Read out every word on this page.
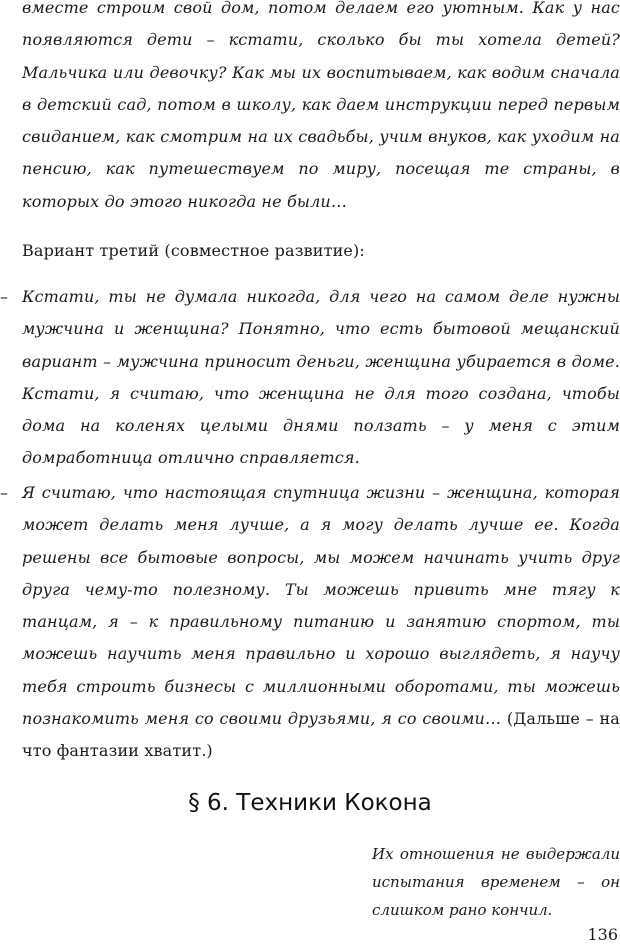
вместе строим свой дом, потом делаем его уютным. Как у нас появляются дети – кстати, сколько бы ты хотела детей? Мальчика или девочку? Как мы их воспитываем, как водим сначала в детский сад, потом в школу, как даем инструкции перед первым свиданием, как смотрим на их свадьбы, учим внуков, как уходим на пенсию, как путешествуем по миру, посещая те страны, в которых до этого никогда не были…

Вариант третий (совместное развитие):

– Кстати, ты не думала никогда, для чего на самом деле нужны мужчина и женщина? Понятно, что есть бытовой мещанский вариант – мужчина приносит деньги, женщина убирается в доме. Кстати, я считаю, что женщина не для того создана, чтобы дома на коленях целыми днями ползать – у меня с этим домработница отлично справляется.

– Я считаю, что настоящая спутница жизни – женщина, которая может делать меня лучше, а я могу делать лучше ее. Когда решены все бытовые вопросы, мы можем начинать учить друг друга чему-то полезному. Ты можешь привить мне тягу к танцам, я – к правильному питанию и занятию спортом, ты можешь научить меня правильно и хорошо выглядеть, я научу тебя строить бизнесы с миллионными оборотами, ты можешь познакомить меня со своими друзьями, я со своими… (Дальше – на что фантазии хватит.)

§ 6. Техники Кокона

Их отношения не выдержали испытания временем – он слишком рано кончил.

136
